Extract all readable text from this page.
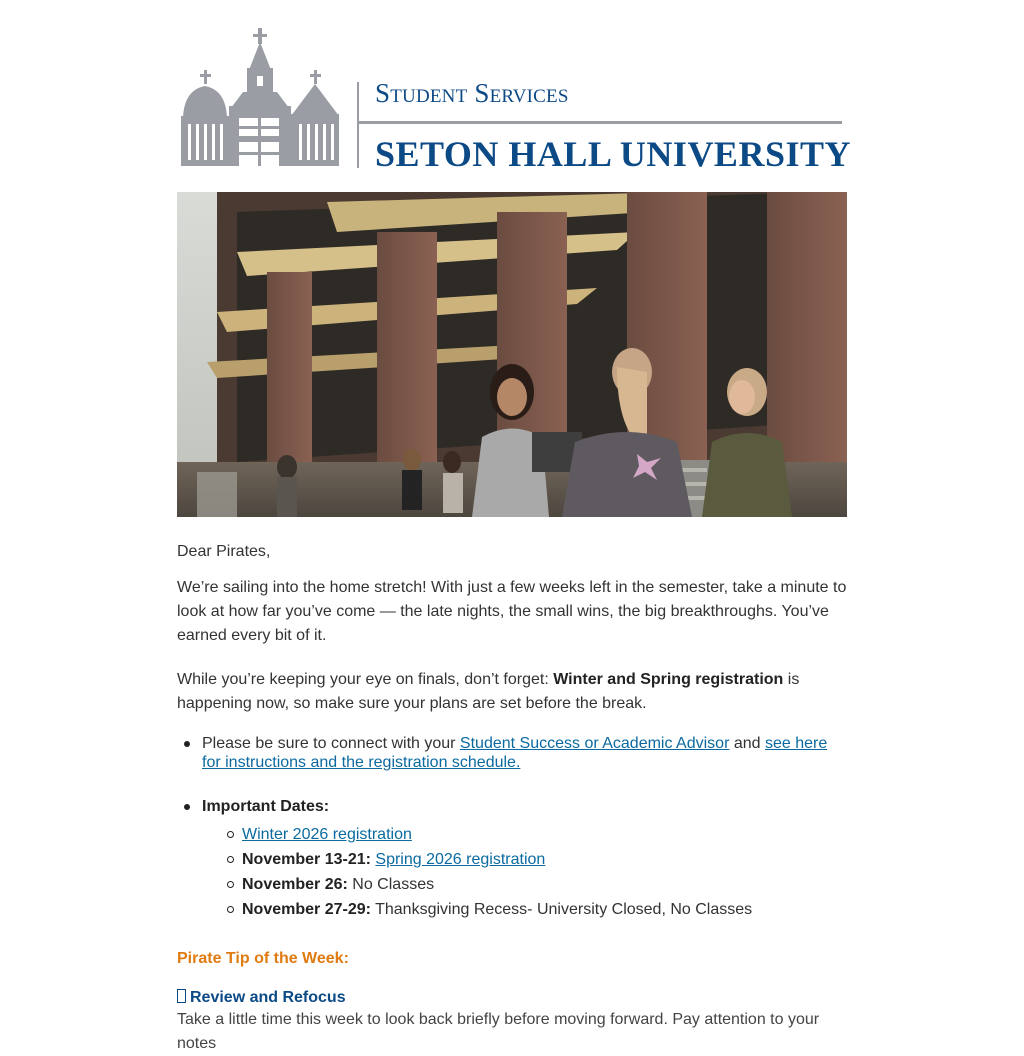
Student Services
SETON HALL UNIVERSITY

Dear Pirates,

We’re sailing into the home stretch! With just a few weeks left in the semester, take a minute to look at how far you’ve come — the late nights, the small wins, the big breakthroughs. You’ve earned every bit of it.

While you’re keeping your eye on finals, don’t forget: Winter and Spring registration is happening now, so make sure your plans are set before the break.

Please be sure to connect with your Student Success or Academic Advisor and see here for instructions and the registration schedule.
Important Dates:
Winter 2026 registration
November 13-21: Spring 2026 registration
November 26: No Classes
November 27-29: Thanksgiving Recess- University Closed, No Classes
Pirate Tip of the Week:
Review and Refocus

Take a little time this week to look back briefly before moving forward. Pay attention to your notes
